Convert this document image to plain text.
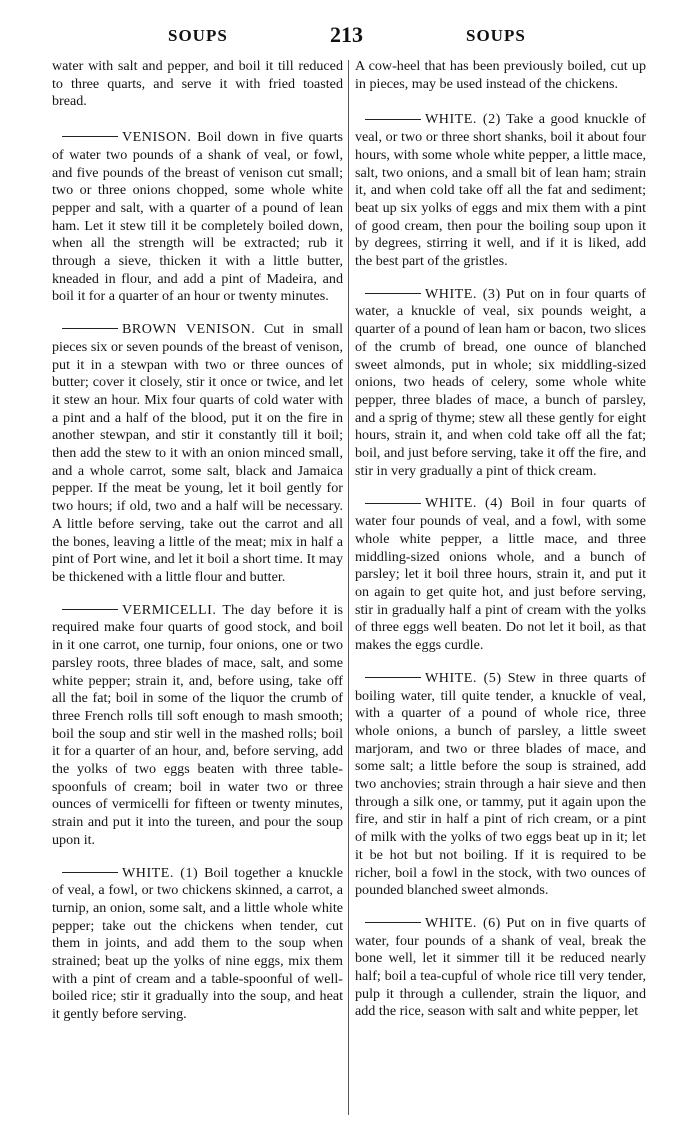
SOUPS	213	SOUPS

water with salt and pepper, and boil it till reduced to three quarts, and serve it with fried toasted bread.

VENISON. Boil down in five quarts of water two pounds of a shank of veal, or fowl, and five pounds of the breast of venison cut small; two or three onions chopped, some whole white pepper and salt, with a quarter of a pound of lean ham. Let it stew till it be completely boiled down, when all the strength will be extracted; rub it through a sieve, thicken it with a little butter, kneaded in flour, and add a pint of Madeira, and boil it for a quarter of an hour or twenty minutes.

BROWN VENISON. Cut in small pieces six or seven pounds of the breast of venison, put it in a stewpan with two or three ounces of butter; cover it closely, stir it once or twice, and let it stew an hour. Mix four quarts of cold water with a pint and a half of the blood, put it on the fire in another stewpan, and stir it constantly till it boil; then add the stew to it with an onion minced small, and a whole carrot, some salt, black and Jamaica pepper. If the meat be young, let it boil gently for two hours; if old, two and a half will be necessary. A little before serving, take out the carrot and all the bones, leaving a little of the meat; mix in half a pint of Port wine, and let it boil a short time. It may be thickened with a little flour and butter.

VERMICELLI. The day before it is required make four quarts of good stock, and boil in it one carrot, one turnip, four onions, one or two parsley roots, three blades of mace, salt, and some white pepper; strain it, and, before using, take off all the fat; boil in some of the liquor the crumb of three French rolls till soft enough to mash smooth; boil the soup and stir well in the mashed rolls; boil it for a quarter of an hour, and, before serving, add the yolks of two eggs beaten with three table-spoonfuls of cream; boil in water two or three ounces of vermicelli for fifteen or twenty minutes, strain and put it into the tureen, and pour the soup upon it.

WHITE. (1) Boil together a knuckle of veal, a fowl, or two chickens skinned, a carrot, a turnip, an onion, some salt, and a little whole white pepper; take out the chickens when tender, cut them in joints, and add them to the soup when strained; beat up the yolks of nine eggs, mix them with a pint of cream and a table-spoonful of well-boiled rice; stir it gradually into the soup, and heat it gently before serving.

A cow-heel that has been previously boiled, cut up in pieces, may be used instead of the chickens.

WHITE. (2) Take a good knuckle of veal, or two or three short shanks, boil it about four hours, with some whole white pepper, a little mace, salt, two onions, and a small bit of lean ham; strain it, and when cold take off all the fat and sediment; beat up six yolks of eggs and mix them with a pint of good cream, then pour the boiling soup upon it by degrees, stirring it well, and if it is liked, add the best part of the gristles.

WHITE. (3) Put on in four quarts of water, a knuckle of veal, six pounds weight, a quarter of a pound of lean ham or bacon, two slices of the crumb of bread, one ounce of blanched sweet almonds, put in whole; six middling-sized onions, two heads of celery, some whole white pepper, three blades of mace, a bunch of parsley, and a sprig of thyme; stew all these gently for eight hours, strain it, and when cold take off all the fat; boil, and just before serving, take it off the fire, and stir in very gradually a pint of thick cream.

WHITE. (4) Boil in four quarts of water four pounds of veal, and a fowl, with some whole white pepper, a little mace, and three middling-sized onions whole, and a bunch of parsley; let it boil three hours, strain it, and put it on again to get quite hot, and just before serving, stir in gradually half a pint of cream with the yolks of three eggs well beaten. Do not let it boil, as that makes the eggs curdle.

WHITE. (5) Stew in three quarts of boiling water, till quite tender, a knuckle of veal, with a quarter of a pound of whole rice, three whole onions, a bunch of parsley, a little sweet marjoram, and two or three blades of mace, and some salt; a little before the soup is strained, add two anchovies; strain through a hair sieve and then through a silk one, or tammy, put it again upon the fire, and stir in half a pint of rich cream, or a pint of milk with the yolks of two eggs beat up in it; let it be hot but not boiling. If it is required to be richer, boil a fowl in the stock, with two ounces of pounded blanched sweet almonds.

WHITE. (6) Put on in five quarts of water, four pounds of a shank of veal, break the bone well, let it simmer till it be reduced nearly half; boil a tea-cupful of whole rice till very tender, pulp it through a cullender, strain the liquor, and add the rice, season with salt and white pepper, let
